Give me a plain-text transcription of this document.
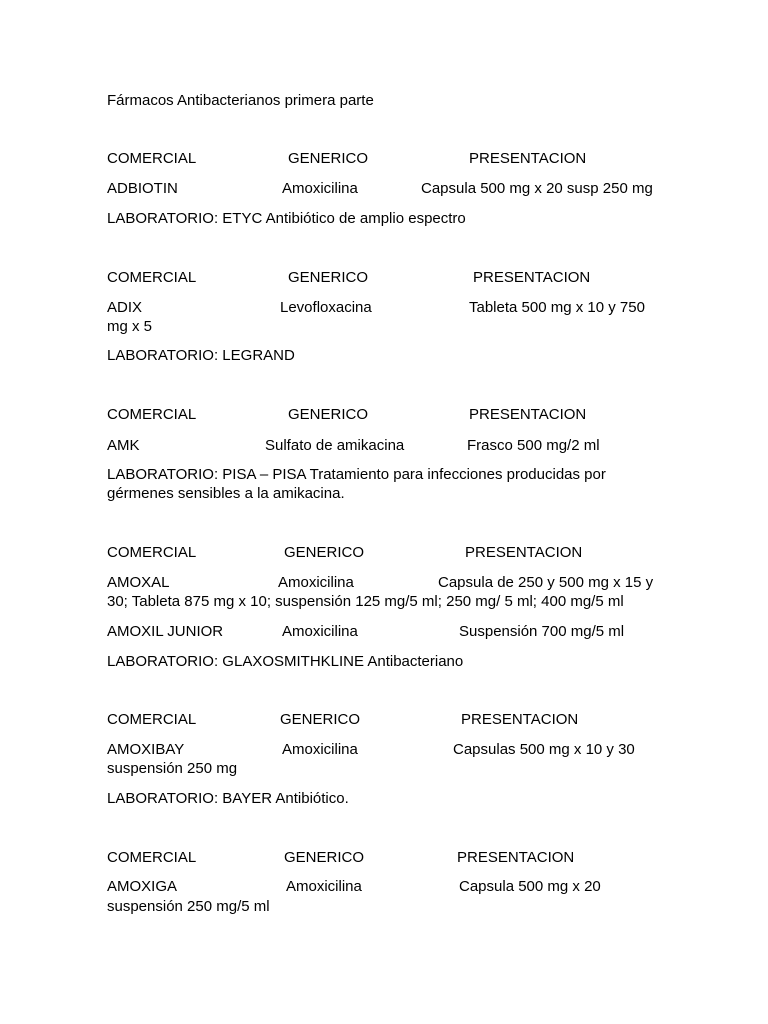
Fármacos Antibacterianos primera parte
COMERCIAL	GENERICO	PRESENTACION
ADBIOTIN	Amoxicilina	Capsula 500 mg x 20 susp 250 mg
LABORATORIO: ETYC Antibiótico de amplio espectro
COMERCIAL	GENERICO	PRESENTACION
ADIX	Levofloxacina	Tableta 500 mg x 10 y 750
mg x 5
LABORATORIO: LEGRAND
COMERCIAL	GENERICO	PRESENTACION
AMK	Sulfato de amikacina	Frasco 500 mg/2 ml
LABORATORIO: PISA – PISA Tratamiento para infecciones producidas por
gérmenes sensibles a la amikacina.
COMERCIAL	GENERICO	PRESENTACION
AMOXAL	Amoxicilina	Capsula de 250 y 500 mg x 15 y
30; Tableta 875 mg x 10; suspensión 125 mg/5 ml; 250 mg/ 5 ml; 400 mg/5 ml
AMOXIL JUNIOR	Amoxicilina	Suspensión 700 mg/5 ml
LABORATORIO: GLAXOSMITHKLINE Antibacteriano
COMERCIAL	GENERICO	PRESENTACION
AMOXIBAY	Amoxicilina	Capsulas 500 mg x 10 y 30
suspensión 250 mg
LABORATORIO: BAYER Antibiótico.
COMERCIAL	GENERICO	PRESENTACION
AMOXIGA	Amoxicilina	Capsula 500 mg x 20
suspensión 250 mg/5 ml
